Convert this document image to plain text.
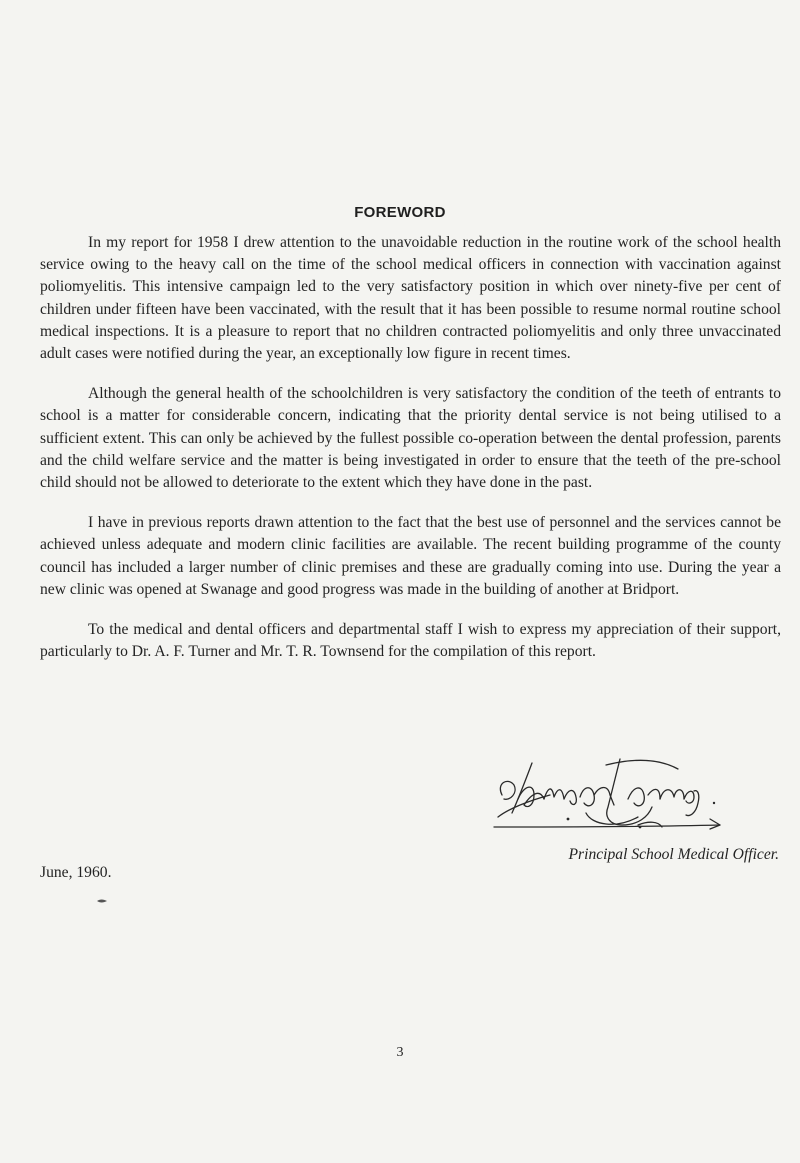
FOREWORD

In my report for 1958 I drew attention to the unavoidable reduction in the routine work of the school health service owing to the heavy call on the time of the school medical officers in connection with vaccination against poliomyelitis. This intensive campaign led to the very satisfactory position in which over ninety-five per cent of children under fifteen have been vaccinated, with the result that it has been possible to resume normal routine school medical inspections. It is a pleasure to report that no children contracted poliomyelitis and only three unvaccinated adult cases were notified during the year, an exceptionally low figure in recent times.

Although the general health of the schoolchildren is very satisfactory the condition of the teeth of entrants to school is a matter for considerable concern, indicating that the priority dental service is not being utilised to a sufficient extent. This can only be achieved by the fullest possible co-operation between the dental profession, parents and the child welfare service and the matter is being investigated in order to ensure that the teeth of the pre-school child should not be allowed to deteriorate to the extent which they have done in the past.

I have in previous reports drawn attention to the fact that the best use of personnel and the services cannot be achieved unless adequate and modern clinic facilities are available. The recent building programme of the county council has included a larger number of clinic premises and these are gradually coming into use. During the year a new clinic was opened at Swanage and good progress was made in the building of another at Bridport.

To the medical and dental officers and departmental staff I wish to express my appreciation of their support, particularly to Dr. A. F. Turner and Mr. T. R. Townsend for the compilation of this report.

Principal School Medical Officer.
June, 1960.
3
